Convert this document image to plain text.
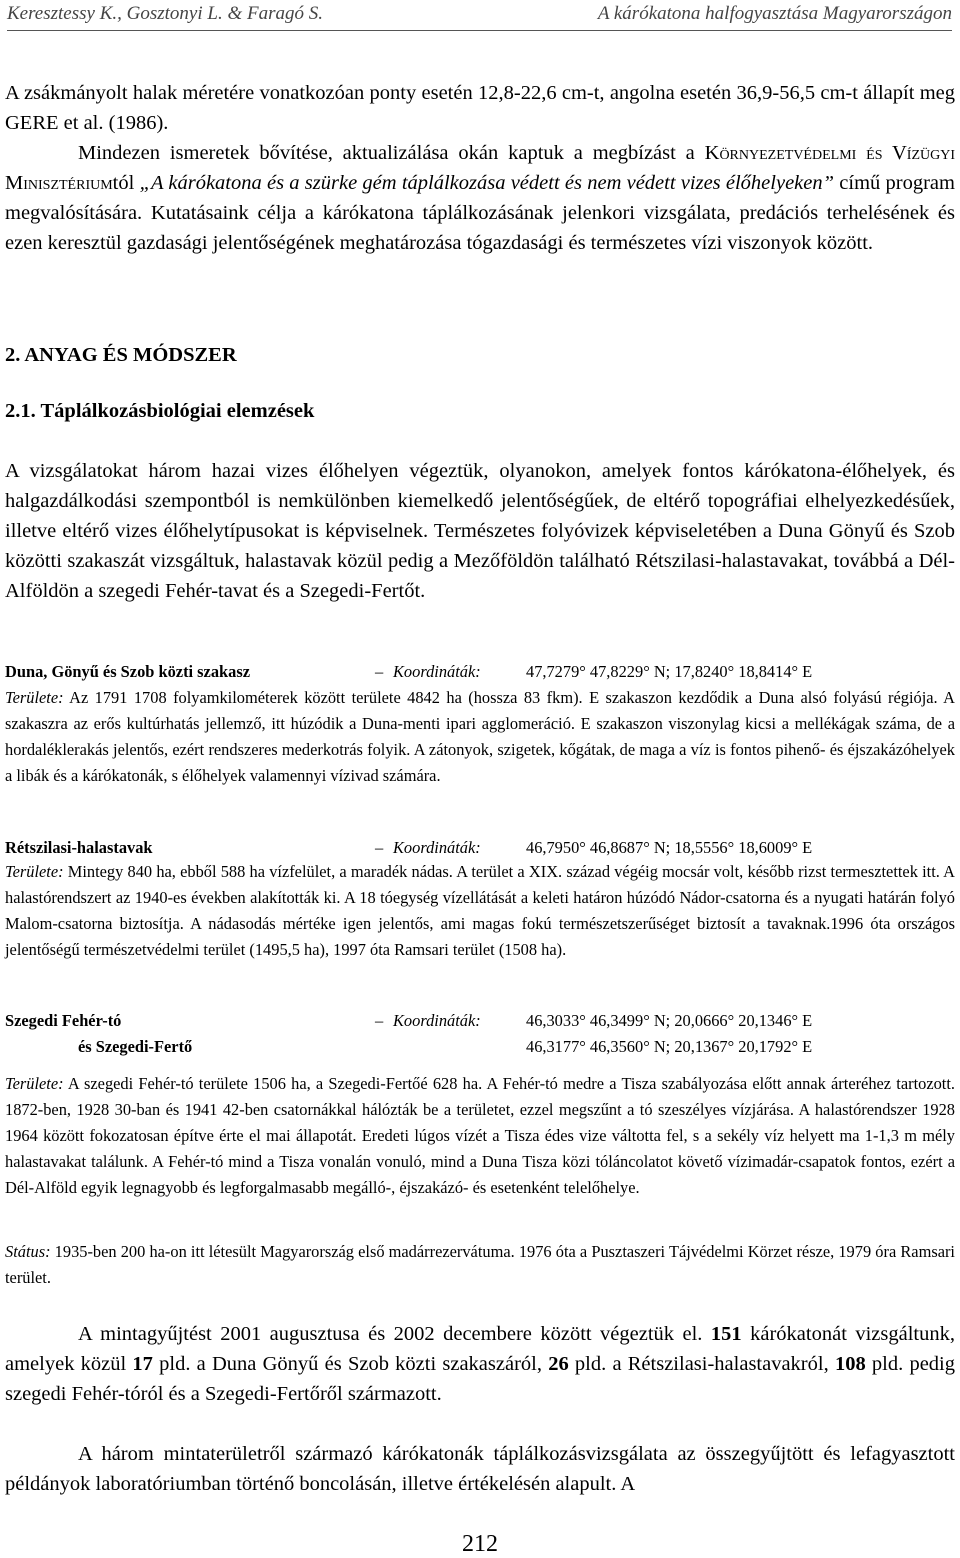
Keresztessy K., Gosztonyi L. & Faragó S.	A kárókatona halfogyasztása Magyarországon

A zsákmányolt halak méretére vonatkozóan ponty esetén 12,8-22,6 cm-t, angolna esetén 36,9-56,5 cm-t állapít meg GERE et al. (1986).

Mindezen ismeretek bővítése, aktualizálása okán kaptuk a megbízást a Környezetvédelmi és Vízügyi Minisztériumtól „A kárókatona és a szürke gém táplálkozása védett és nem védett vizes élőhelyeken” című program megvalósítására. Kutatásaink célja a kárókatona táplálkozásának jelenkori vizsgálata, predációs terhelésének és ezen keresztül gazdasági jelentőségének meghatározása tógazdasági és természetes vízi viszonyok között.

2. ANYAG ÉS MÓDSZER
2.1. Táplálkozásbiológiai elemzések

A vizsgálatokat három hazai vizes élőhelyen végeztük, olyanokon, amelyek fontos kárókatona-élőhelyek, és halgazdálkodási szempontból is nemkülönben kiemelkedő jelentőségűek, de eltérő topográfiai elhelyezkedésűek, illetve eltérő vizes élőhelytípusokat is képviselnek. Természetes folyóvizek képviseletében a Duna Gönyű és Szob közötti szakaszát vizsgáltuk, halastavak közül pedig a Mezőföldön található Rétszilasi-halastavakat, továbbá a Dél-Alföldön a szegedi Fehér-tavat és a Szegedi-Fertőt.

Duna, Gönyű és Szob közti szakasz	– Koordináták:	47,7279° 47,8229° N; 17,8240° 18,8414° E

Területe: Az 1791 1708 folyamkilométerek között területe 4842 ha (hossza 83 fkm). E szakaszon kezdődik a Duna alsó folyású régiója. A szakaszra az erős kultúrhatás jellemző, itt húzódik a Duna-menti ipari agglomeráció. E szakaszon viszonylag kicsi a mellékágak száma, de a hordaléklerakás jelentős, ezért rendszeres mederkotrás folyik. A zátonyok, szigetek, kőgátak, de maga a víz is fontos pihenő- és éjszakázóhelyek a libák és a kárókatonák, s élőhelyek valamennyi vízivad számára.

Rétszilasi-halastavak	– Koordináták:	46,7950° 46,8687° N; 18,5556° 18,6009° E

Területe: Mintegy 840 ha, ebből 588 ha vízfelület, a maradék nádas. A terület a XIX. század végéig mocsár volt, később rizst termesztettek itt. A halastórendszert az 1940-es években alakították ki. A 18 tóegység vízellátását a keleti határon húzódó Nádor-csatorna és a nyugati határán folyó Malom-csatorna biztosítja. A nádasodás mértéke igen jelentős, ami magas fokú természetszerűséget biztosít a tavaknak.1996 óta országos jelentőségű természetvédelmi terület (1495,5 ha), 1997 óta Ramsari terület (1508 ha).

Szegedi Fehér-tó	– Koordináták:	46,3033° 46,3499° N; 20,0666° 20,1346° E
és Szegedi-Fertő	46,3177° 46,3560° N; 20,1367° 20,1792° E

Területe: A szegedi Fehér-tó területe 1506 ha, a Szegedi-Fertőé 628 ha. A Fehér-tó medre a Tisza szabályozása előtt annak árteréhez tartozott. 1872-ben, 1928 30-ban és 1941 42-ben csatornákkal hálózták be a területet, ezzel megszűnt a tó szeszélyes vízjárása. A halastórendszer 1928 1964 között fokozatosan építve érte el mai állapotát. Eredeti lúgos vízét a Tisza édes vize váltotta fel, s a sekély víz helyett ma 1-1,3 m mély halastavakat találunk. A Fehér-tó mind a Tisza vonalán vonuló, mind a Duna Tisza közi tóláncolatot követő vízimadár-csapatok fontos, ezért a Dél-Alföld egyik legnagyobb és legforgalmasabb megálló-, éjszakázó- és esetenként telelőhelye.

Státus: 1935-ben 200 ha-on itt létesült Magyarország első madárrezervátuma. 1976 óta a Pusztaszeri Tájvédelmi Körzet része, 1979 óra Ramsari terület.

A mintagyűjtést 2001 augusztusa és 2002 decembere között végeztük el. 151 kárókatonát vizsgáltunk, amelyek közül 17 pld. a Duna Gönyű és Szob közti szakaszáról, 26 pld. a Rétszilasi-halastavakról, 108 pld. pedig szegedi Fehér-tóról és a Szegedi-Fertőről származott.

A három mintaterületről származó kárókatonák táplálkozásvizsgálata az összegyűjtött és lefagyasztott példányok laboratóriumban történő boncolásán, illetve értékelésén alapult. A

212
